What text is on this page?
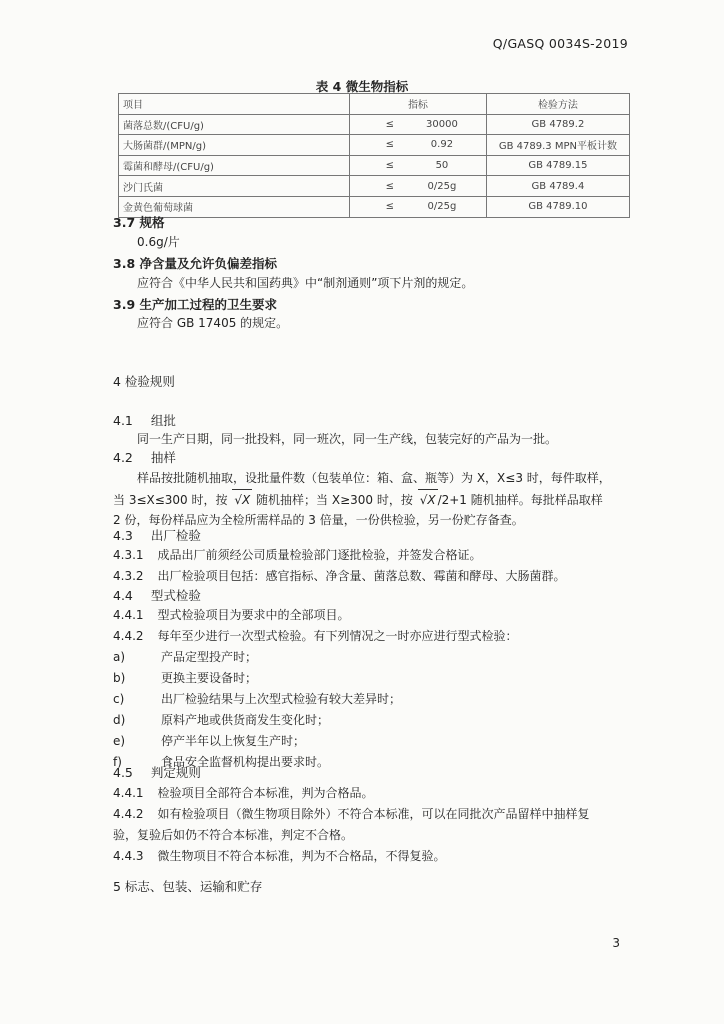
Q/GASQ 0034S-2019
表 4 微生物指标
项目	指标		检验方法
菌落总数/(CFU/g)	≤	30000	GB 4789.2
大肠菌群/(MPN/g)	≤	0.92	GB 4789.3 MPN平板计数
霉菌和酵母/(CFU/g)	≤	50	GB 4789.15
沙门氏菌	≤	0/25g	GB 4789.4
金黄色葡萄球菌	≤	0/25g	GB 4789.10
3.7 规格
0.6g/片
3.8 净含量及允许负偏差指标
应符合《中华人民共和国药典》中“制剂通则”项下片剂的规定。
3.9 生产加工过程的卫生要求
应符合 GB 17405 的规定。
4 检验规则
4.1 组批
同一生产日期，同一批投料，同一班次，同一生产线，包装完好的产品为一批。
4.2 抽样
样品按批随机抽取，设批量件数（包装单位：箱、盒、瓶等）为 X，X≤3 时，每件取样，
当 3≤X≤300 时，按 √X 随机抽样；当 X≥300 时，按 √X /2+1 随机抽样。每批样品取样
2 份，每份样品应为全检所需样品的 3 倍量，一份供检验，另一份贮存备查。
4.3 出厂检验
4.3.1 成品出厂前须经公司质量检验部门逐批检验，并签发合格证。
4.3.2 出厂检验项目包括：感官指标、净含量、菌落总数、霉菌和酵母、大肠菌群。
4.4 型式检验
4.4.1 型式检验项目为要求中的全部项目。
4.4.2 每年至少进行一次型式检验。有下列情况之一时亦应进行型式检验：
a)	产品定型投产时；
b)	更换主要设备时；
c)	出厂检验结果与上次型式检验有较大差异时；
d)	原料产地或供货商发生变化时；
e)	停产半年以上恢复生产时；
f)	食品安全监督机构提出要求时。
4.5 判定规则
4.4.1 检验项目全部符合本标准，判为合格品。
4.4.2 如有检验项目（微生物项目除外）不符合本标准，可以在同批次产品留样中抽样复
验，复验后如仍不符合本标准，判定不合格。
4.4.3 微生物项目不符合本标准，判为不合格品，不得复验。
5 标志、包装、运输和贮存
3
